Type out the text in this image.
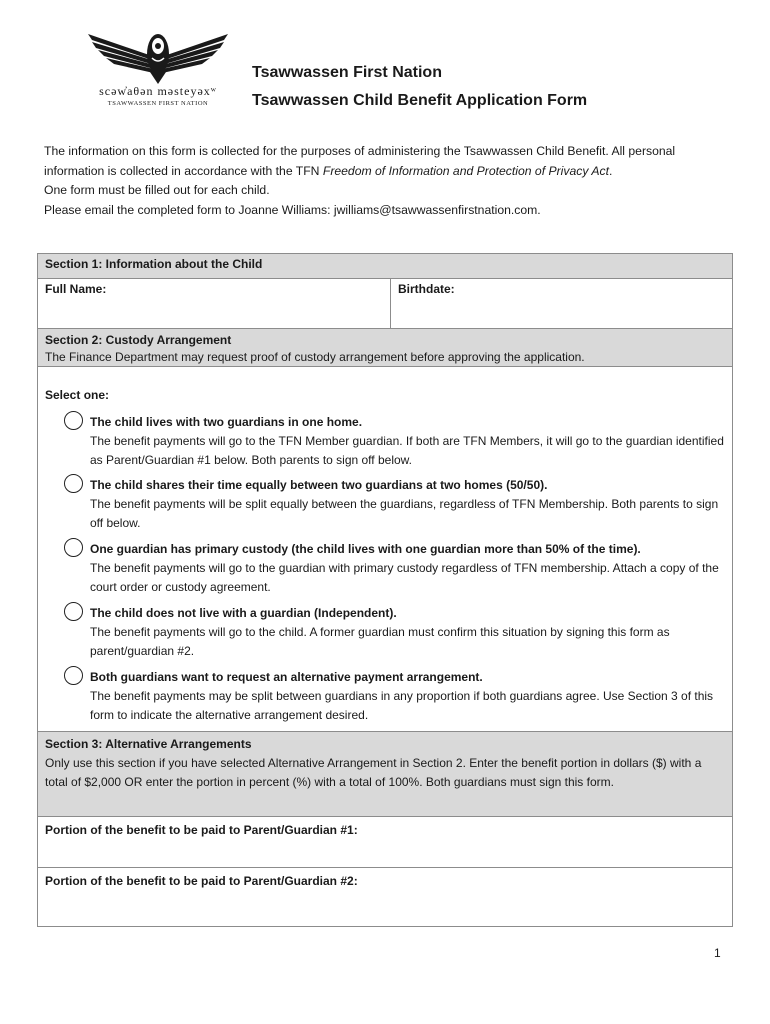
scəw̓aθən məsteyəxʷ
TSAWWASSEN FIRST NATION
Tsawwassen First Nation
Tsawwassen Child Benefit Application Form

The information on this form is collected for the purposes of administering the Tsawwassen Child Benefit. All personal information is collected in accordance with the TFN Freedom of Information and Protection of Privacy Act.

One form must be filled out for each child.

Please email the completed form to Joanne Williams: jwilliams@tsawwassenfirstnation.com.

Section 1: Information about the Child
Full Name:	Birthdate:
Section 2: Custody Arrangement
The Finance Department may request proof of custody arrangement before approving the application.
Select one:
The child lives with two guardians in one home.
The benefit payments will go to the TFN Member guardian. If both are TFN Members, it will go to the guardian identified as Parent/Guardian #1 below. Both parents to sign off below.
The child shares their time equally between two guardians at two homes (50/50).
The benefit payments will be split equally between the guardians, regardless of TFN Membership. Both parents to sign off below.
One guardian has primary custody (the child lives with one guardian more than 50% of the time).
The benefit payments will go to the guardian with primary custody regardless of TFN membership. Attach a copy of the court order or custody agreement.
The child does not live with a guardian (Independent).
The benefit payments will go to the child. A former guardian must confirm this situation by signing this form as parent/guardian #2.
Both guardians want to request an alternative payment arrangement.
The benefit payments may be split between guardians in any proportion if both guardians agree. Use Section 3 of this form to indicate the alternative arrangement desired.
Section 3: Alternative Arrangements
Only use this section if you have selected Alternative Arrangement in Section 2. Enter the benefit portion in dollars ($) with a total of $2,000 OR enter the portion in percent (%) with a total of 100%. Both guardians must sign this form.
Portion of the benefit to be paid to Parent/Guardian #1:
Portion of the benefit to be paid to Parent/Guardian #2:
1
